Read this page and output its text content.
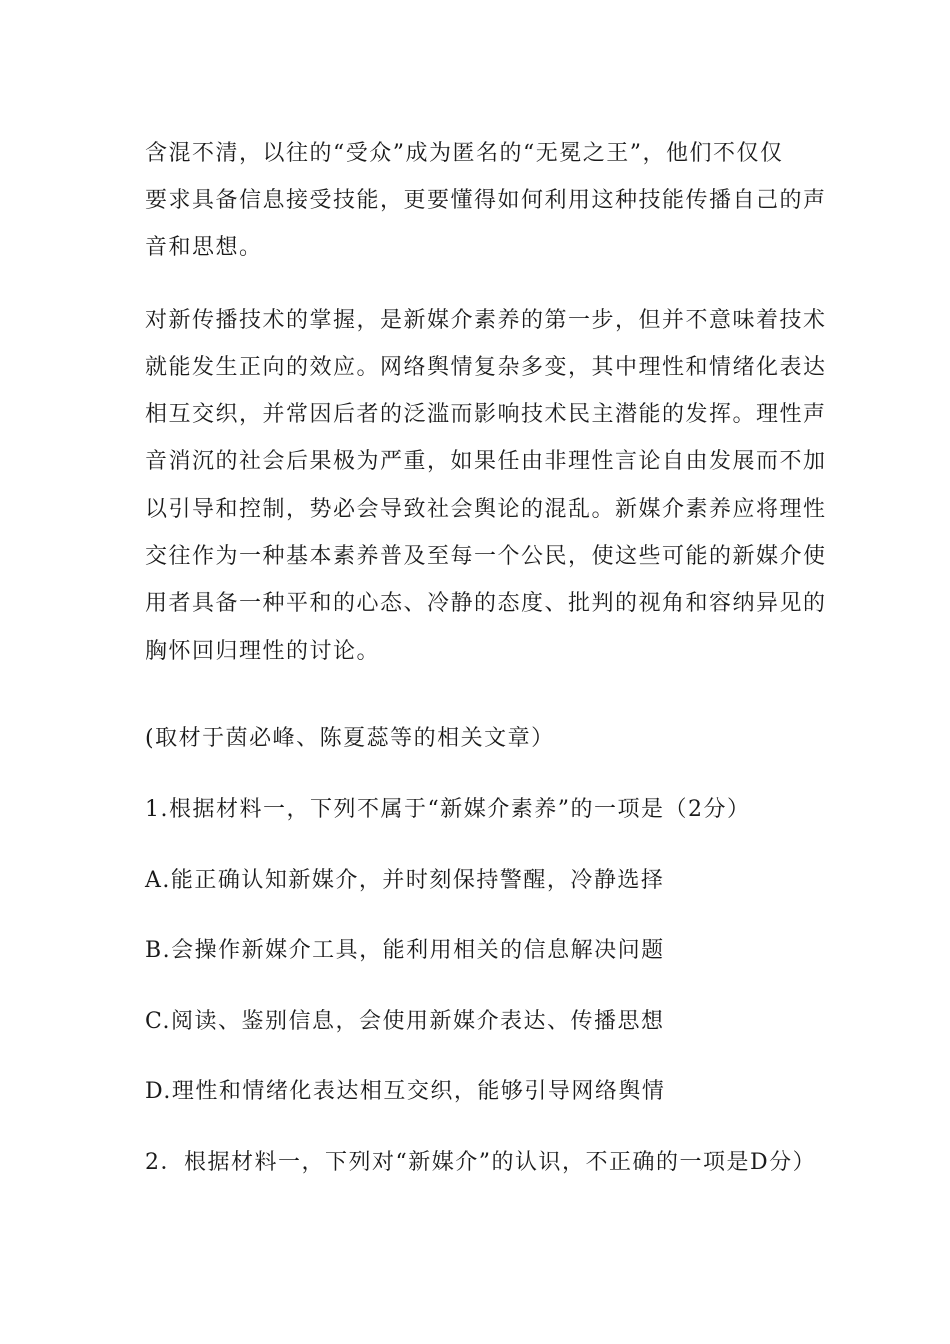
含混不清，以往的“受众”成为匿名的“无冕之王”，他们不仅仅
要求具备信息接受技能，更要懂得如何利用这种技能传播自己的声
音和思想。
对新传播技术的掌握，是新媒介素养的第一步，但并不意味着技术
就能发生正向的效应。网络舆情复杂多变，其中理性和情绪化表达
相互交织，并常因后者的泛滥而影响技术民主潜能的发挥。理性声
音消沉的社会后果极为严重，如果任由非理性言论自由发展而不加
以引导和控制，势必会导致社会舆论的混乱。新媒介素养应将理性
交往作为一种基本素养普及至每一个公民，使这些可能的新媒介使
用者具备一种平和的心态、冷静的态度、批判的视角和容纳异见的
胸怀回归理性的讨论。
(取材于茵必峰、陈夏蕊等的相关文章）
1.根据材料一，下列不属于“新媒介素养”的一项是（2分）
A.能正确认知新媒介，并时刻保持警醒，冷静选择
B.会操作新媒介工具，能利用相关的信息解决问题
C.阅读、鉴别信息，会使用新媒介表达、传播思想
D.理性和情绪化表达相互交织，能够引导网络舆情
2．根据材料一，下列对“新媒介”的认识，不正确的一项是D分）
